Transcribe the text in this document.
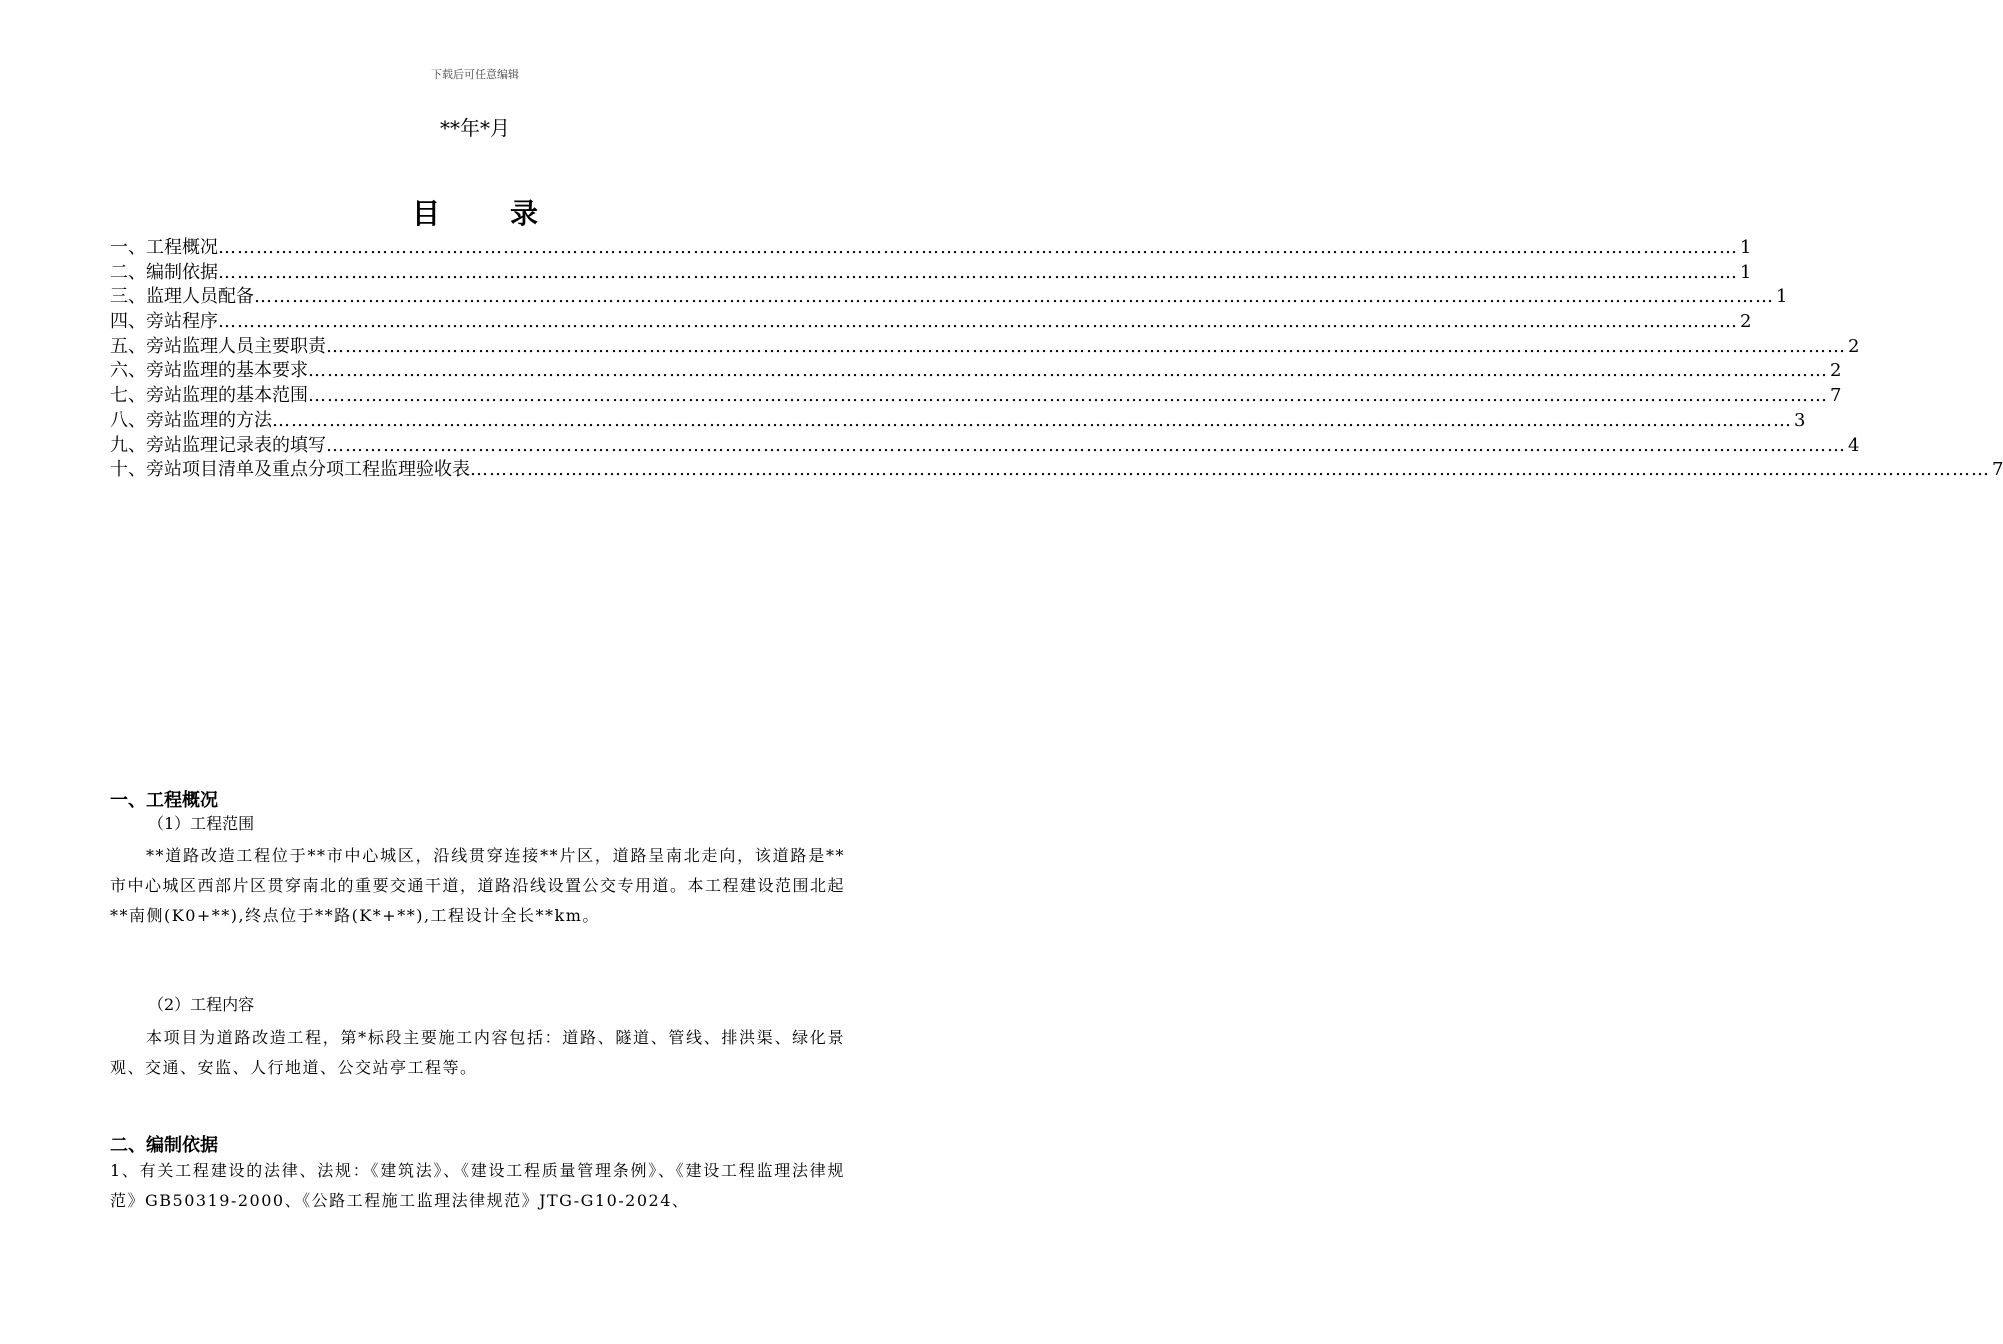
下载后可任意编辑
**年*月
目	录
一、工程概况 …………………………………………………………………………………………………………………………………………………………………………………………………………………… 1
二、编制依据 …………………………………………………………………………………………………………………………………………………………………………………………………………………… 1
三、监理人员配备 …………………………………………………………………………………………………………………………………………………………………………………………………………………… 1
四、旁站程序 …………………………………………………………………………………………………………………………………………………………………………………………………………………… 2
五、旁站监理人员主要职责 …………………………………………………………………………………………………………………………………………………………………………………………………………………… 2
六、旁站监理的基本要求 …………………………………………………………………………………………………………………………………………………………………………………………………………………… 2
七、旁站监理的基本范围 …………………………………………………………………………………………………………………………………………………………………………………………………………………… 7
八、旁站监理的方法 …………………………………………………………………………………………………………………………………………………………………………………………………………………… 3
九、旁站监理记录表的填写 …………………………………………………………………………………………………………………………………………………………………………………………………………………… 4
十、旁站项目清单及重点分项工程监理验收表 …………………………………………………………………………………………………………………………………………………………………………………………………………………… 7
一、工程概况
（1）工程范围
**道路改造工程位于**市中心城区，沿线贯穿连接**片区，道路呈南北走向，该道路是**市中心城区西部片区贯穿南北的重要交通干道，道路沿线设置公交专用道。本工程建设范围北起**南侧(K0+**),终点位于**路(K*+**),工程设计全长**km。
（2）工程内容
本项目为道路改造工程，第*标段主要施工内容包括：道路、隧道、管线、排洪渠、绿化景观、交通、安监、人行地道、公交站亭工程等。
二、编制依据
1、有关工程建设的法律、法规：《建筑法》、《建设工程质量管理条例》、《建设工程监理法律规范》GB50319-2000、《公路工程施工监理法律规范》JTG-G10-2024、
